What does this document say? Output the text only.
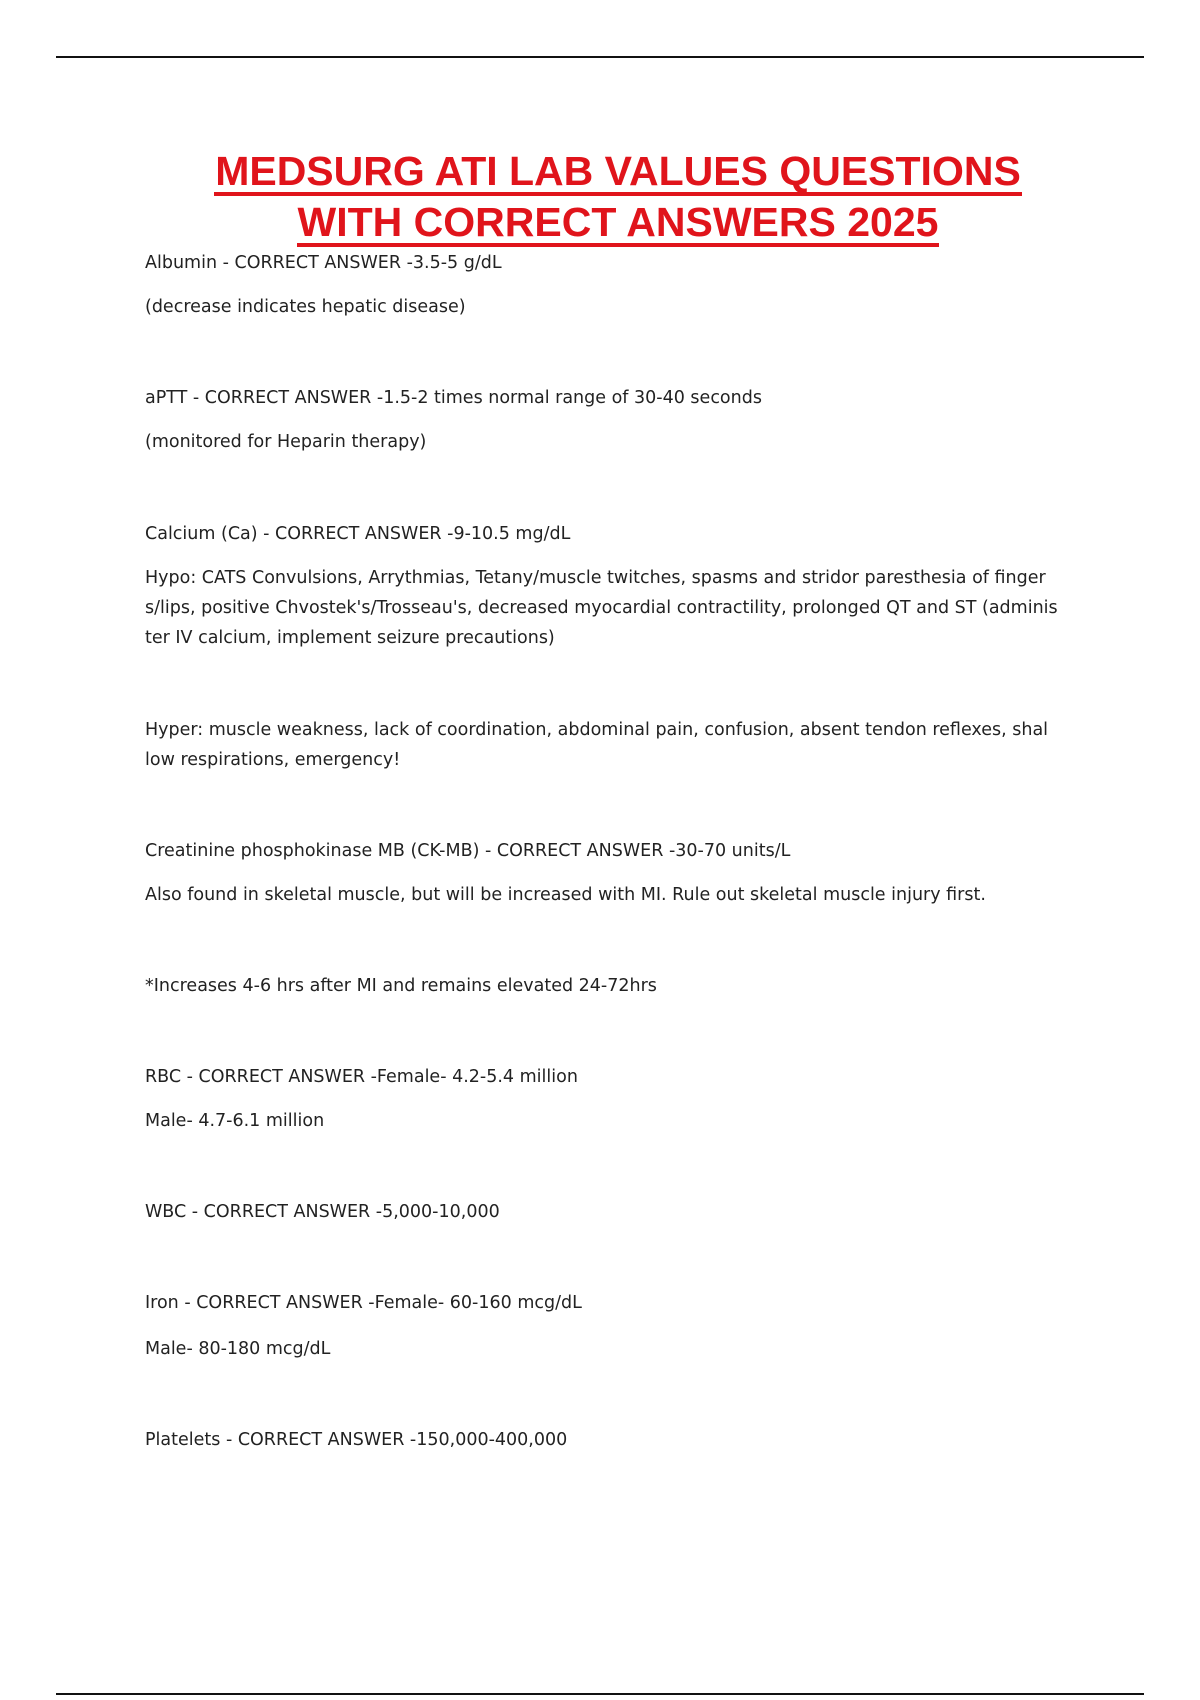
MEDSURG ATI LAB VALUES QUESTIONS
WITH CORRECT ANSWERS 2025
Albumin - CORRECT ANSWER -3.5-5 g/dL
(decrease indicates hepatic disease)
aPTT - CORRECT ANSWER -1.5-2 times normal range of 30-40 seconds
(monitored for Heparin therapy)
Calcium (Ca) - CORRECT ANSWER -9-10.5 mg/dL
Hypo: CATS Convulsions, Arrythmias, Tetany/muscle twitches, spasms and stridor paresthesia of finger
s/lips, positive Chvostek's/Trosseau's, decreased myocardial contractility, prolonged QT and ST (adminis
ter IV calcium, implement seizure precautions)
Hyper: muscle weakness, lack of coordination, abdominal pain, confusion, absent tendon reflexes, shal
low respirations, emergency!
Creatinine phosphokinase MB (CK-MB) - CORRECT ANSWER -30-70 units/L
Also found in skeletal muscle, but will be increased with MI. Rule out skeletal muscle injury first.
*Increases 4-6 hrs after MI and remains elevated 24-72hrs
RBC - CORRECT ANSWER -Female- 4.2-5.4 million
Male- 4.7-6.1 million
WBC - CORRECT ANSWER -5,000-10,000
Iron - CORRECT ANSWER -Female- 60-160 mcg/dL
Male- 80-180 mcg/dL
Platelets - CORRECT ANSWER -150,000-400,000
